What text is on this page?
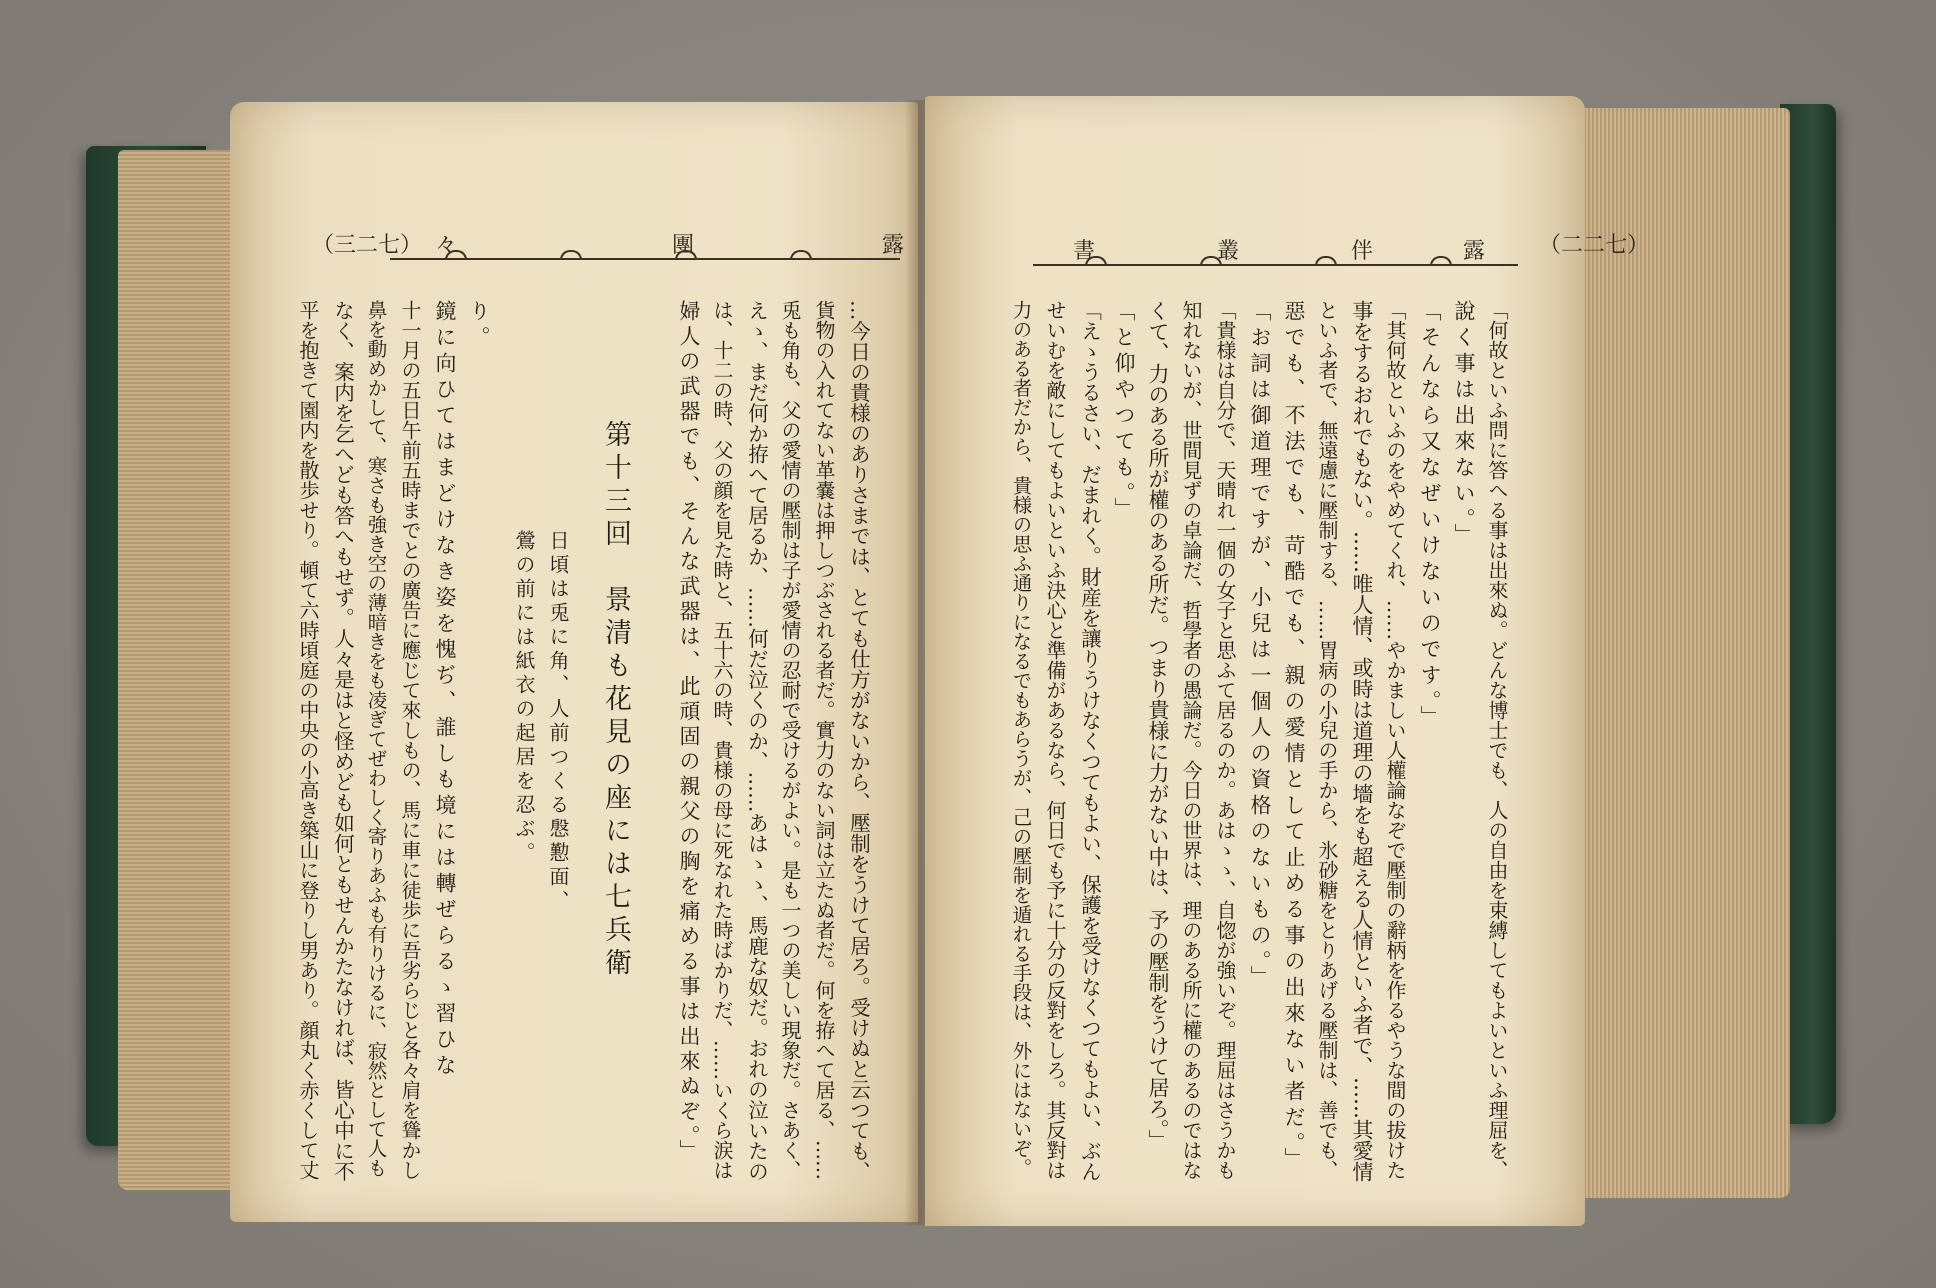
（三二七） 々	團	露
…今日の貴様のありさまでは、とても仕方がないから、壓制をうけて居ろ。受けぬと云つても、
貨物の入れてない革嚢は押しつぶされる者だ。實力のない詞は立たぬ者だ。何を拵へて居る、……
兎も角も、父の愛情の壓制は子が愛情の忍耐で受けるがよい。是も一つの美しい現象だ。さあく、
えゝ、まだ何か拵へて居るか、……何だ泣くのか、……あはゝゝ、馬鹿な奴だ。おれの泣いたの
は、十二の時、父の顔を見た時と、五十六の時、貴様の母に死なれた時ばかりだ、……いくら涙は
婦人の武器でも、そんな武器は、此頑固の親父の胸を痛める事は出來ぬぞ。」
第十三回　景清も花見の座には七兵衛
日頃は兎に角、人前つくる慇懃面、
鶯の前には紙衣の起居を忍ぶ。
り。
鏡に向ひてはまどけなき姿を愧ぢ、誰しも境には轉ぜらるゝ習ひな
十一月の五日午前五時までとの廣告に應じて來しもの、馬に車に徒歩に吾劣らじと各々肩を聳かし
鼻を動めかして、寒さも強き空の薄暗きをも凌ぎてぜわしく寄りあふも有りけるに、寂然として人も
なく、案内を乞へども答へもせず。人々是はと怪めども如何ともせんかたなければ、皆心中に不
平を抱きて園内を散歩せり。頓て六時頃庭の中央の小高き築山に登りし男あり。顔丸く赤くして丈
書	叢	伴	露 （二二七）
「何故といふ問に答へる事は出來ぬ。どんな博士でも、人の自由を束縛してもよいといふ理屈を、
說く事は出來ない。」
「そんなら又なぜいけないのです。」
「其何故といふのをやめてくれ、……やかましい人權論なぞで壓制の辭柄を作るやうな間の拔けた
事をするおれでもない。……唯人情、或時は道理の墻をも超える人情といふ者で、……其愛情
といふ者で、無遠慮に壓制する、……胃病の小兒の手から、氷砂糖をとりあげる壓制は、善でも、
惡でも、不法でも、苛酷でも、親の愛情として止める事の出來ない者だ。」
「お詞は御道理ですが、小兒は一個人の資格のないもの。」
「貴様は自分で、天晴れ一個の女子と思ふて居るのか。あはゝゝ、自惚が強いぞ。理屈はさうかも
知れないが、世間見ずの卓論だ、哲學者の愚論だ。今日の世界は、理のある所に權のあるのではな
くて、力のある所が權のある所だ。つまり貴様に力がない中は、予の壓制をうけて居ろ。」
「と仰やつても。」
「えゝうるさい、だまれく。財産を讓りうけなくつてもよい、保護を受けなくつてもよい、ぶん
せいむを敵にしてもよいといふ決心と準備があるなら、何日でも予に十分の反對をしろ。其反對は
力のある者だから、貴様の思ふ通りになるでもあらうが、己の壓制を遁れる手段は、外にはないぞ。
